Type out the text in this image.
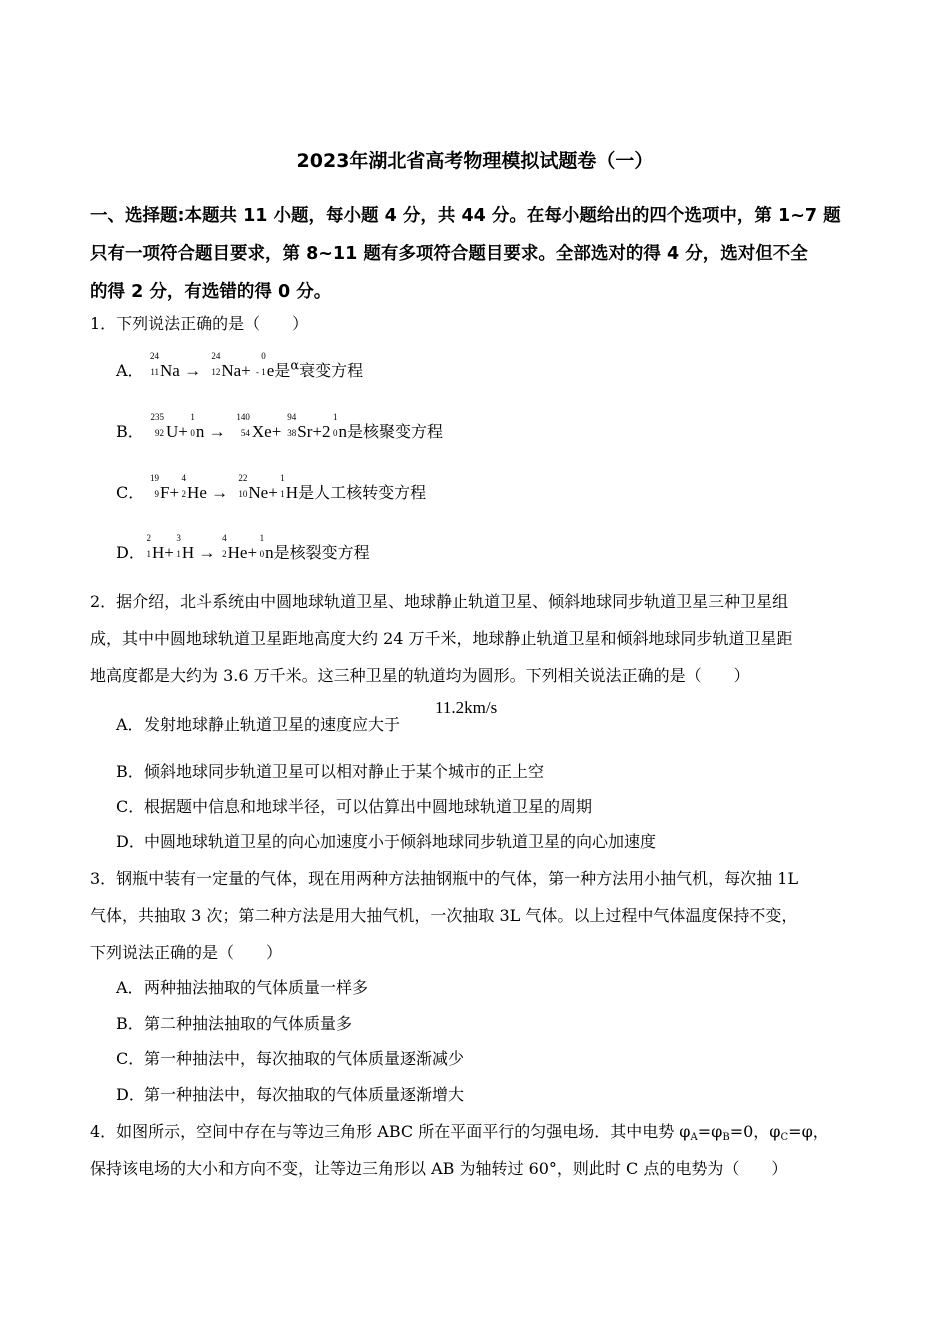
2023年湖北省高考物理模拟试题卷（一）
一、选择题:本题共 11 小题，每小题 4 分，共 44 分。在每小题给出的四个选项中，第 1~7 题
只有一项符合题目要求，第 8~11 题有多项符合题目要求。全部选对的得 4 分，选对但不全
的得 2 分，有选错的得 0 分。
1．下列说法正确的是（　　）
A．
24
11 Na →
24
12 Na+
0
- 1 e是$^\alpha$衰变方程
B．
235
92 U+
1
0 n →
140
54 Xe+
94
38 Sr+2
1
0 n是核聚变方程
C．
19
9 F+
4
2 He →
22
10 Ne+
1
1 H是人工核转变方程
D．
2
1 H+
3
1 H →
4
2 He+
1
0 n是核裂变方程
2．据介绍，北斗系统由中圆地球轨道卫星、地球静止轨道卫星、倾斜地球同步轨道卫星三种卫星组
成，其中中圆地球轨道卫星距地高度大约 24 万千米，地球静止轨道卫星和倾斜地球同步轨道卫星距
地高度都是大约为 3.6 万千米。这三种卫星的轨道均为圆形。下列相关说法正确的是（　　）
A．发射地球静止轨道卫星的速度应大于
11.2km/s
B．倾斜地球同步轨道卫星可以相对静止于某个城市的正上空
C．根据题中信息和地球半径，可以估算出中圆地球轨道卫星的周期
D．中圆地球轨道卫星的向心加速度小于倾斜地球同步轨道卫星的向心加速度
3．钢瓶中装有一定量的气体，现在用两种方法抽钢瓶中的气体，第一种方法用小抽气机，每次抽 1L
气体，共抽取 3 次；第二种方法是用大抽气机，一次抽取 3L 气体。以上过程中气体温度保持不变，
下列说法正确的是（　　）
A．两种抽法抽取的气体质量一样多
B．第二种抽法抽取的气体质量多
C．第一种抽法中，每次抽取的气体质量逐渐减少
D．第一种抽法中，每次抽取的气体质量逐渐增大
4．如图所示，空间中存在与等边三角形 ABC 所在平面平行的匀强电场．其中电势 $\varphi_A=\varphi_B=0$，$\varphi_C=\varphi$，
保持该电场的大小和方向不变，让等边三角形以 AB 为轴转过 60°，则此时 C 点的电势为（　　）
